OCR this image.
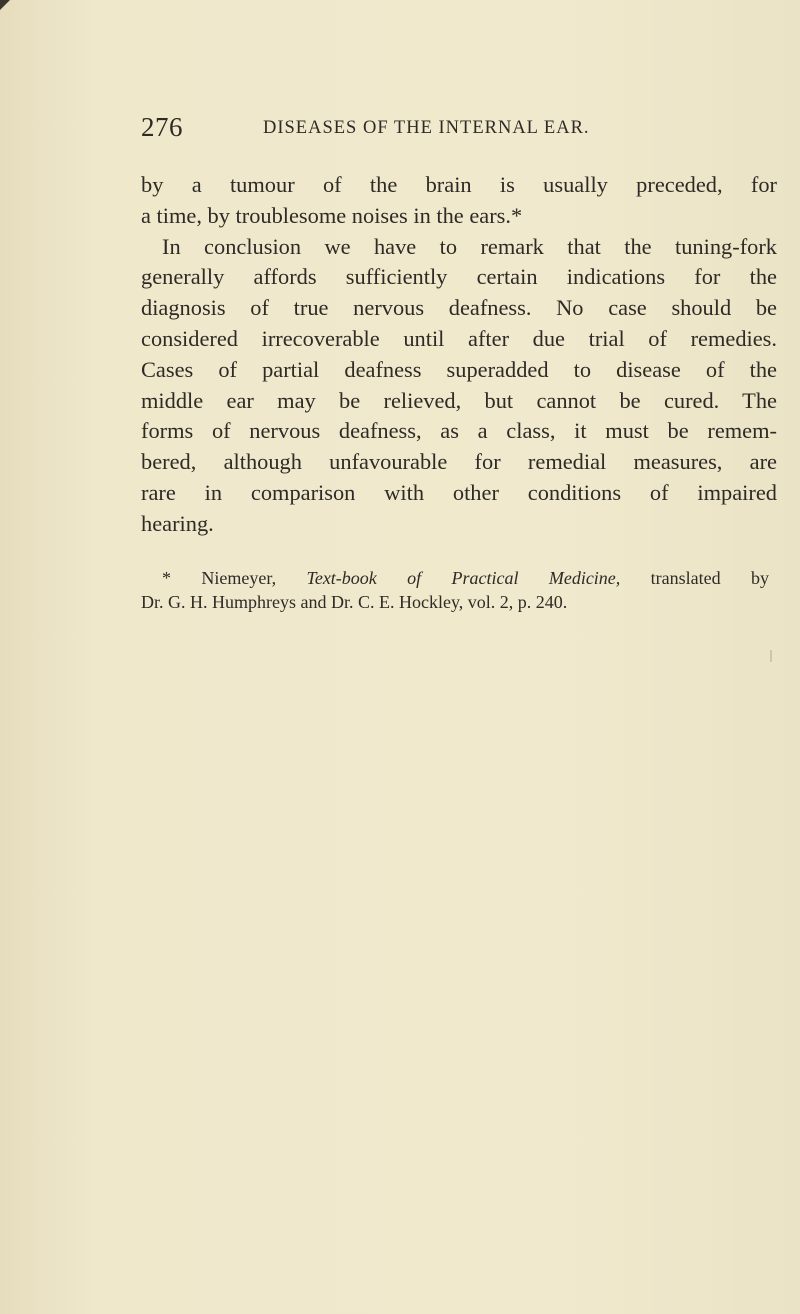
276	DISEASES OF THE INTERNAL EAR.
by a tumour of the brain is usually preceded, for
a time, by troublesome noises in the ears.*
In conclusion we have to remark that the tuning-fork
generally affords sufficiently certain indications for the
diagnosis of true nervous deafness. No case should be
considered irrecoverable until after due trial of remedies.
Cases of partial deafness superadded to disease of the
middle ear may be relieved, but cannot be cured. The
forms of nervous deafness, as a class, it must be remem-
bered, although unfavourable for remedial measures, are
rare in comparison with other conditions of impaired
hearing.
* Niemeyer, Text-book of Practical Medicine, translated by
Dr. G. H. Humphreys and Dr. C. E. Hockley, vol. 2, p. 240.
